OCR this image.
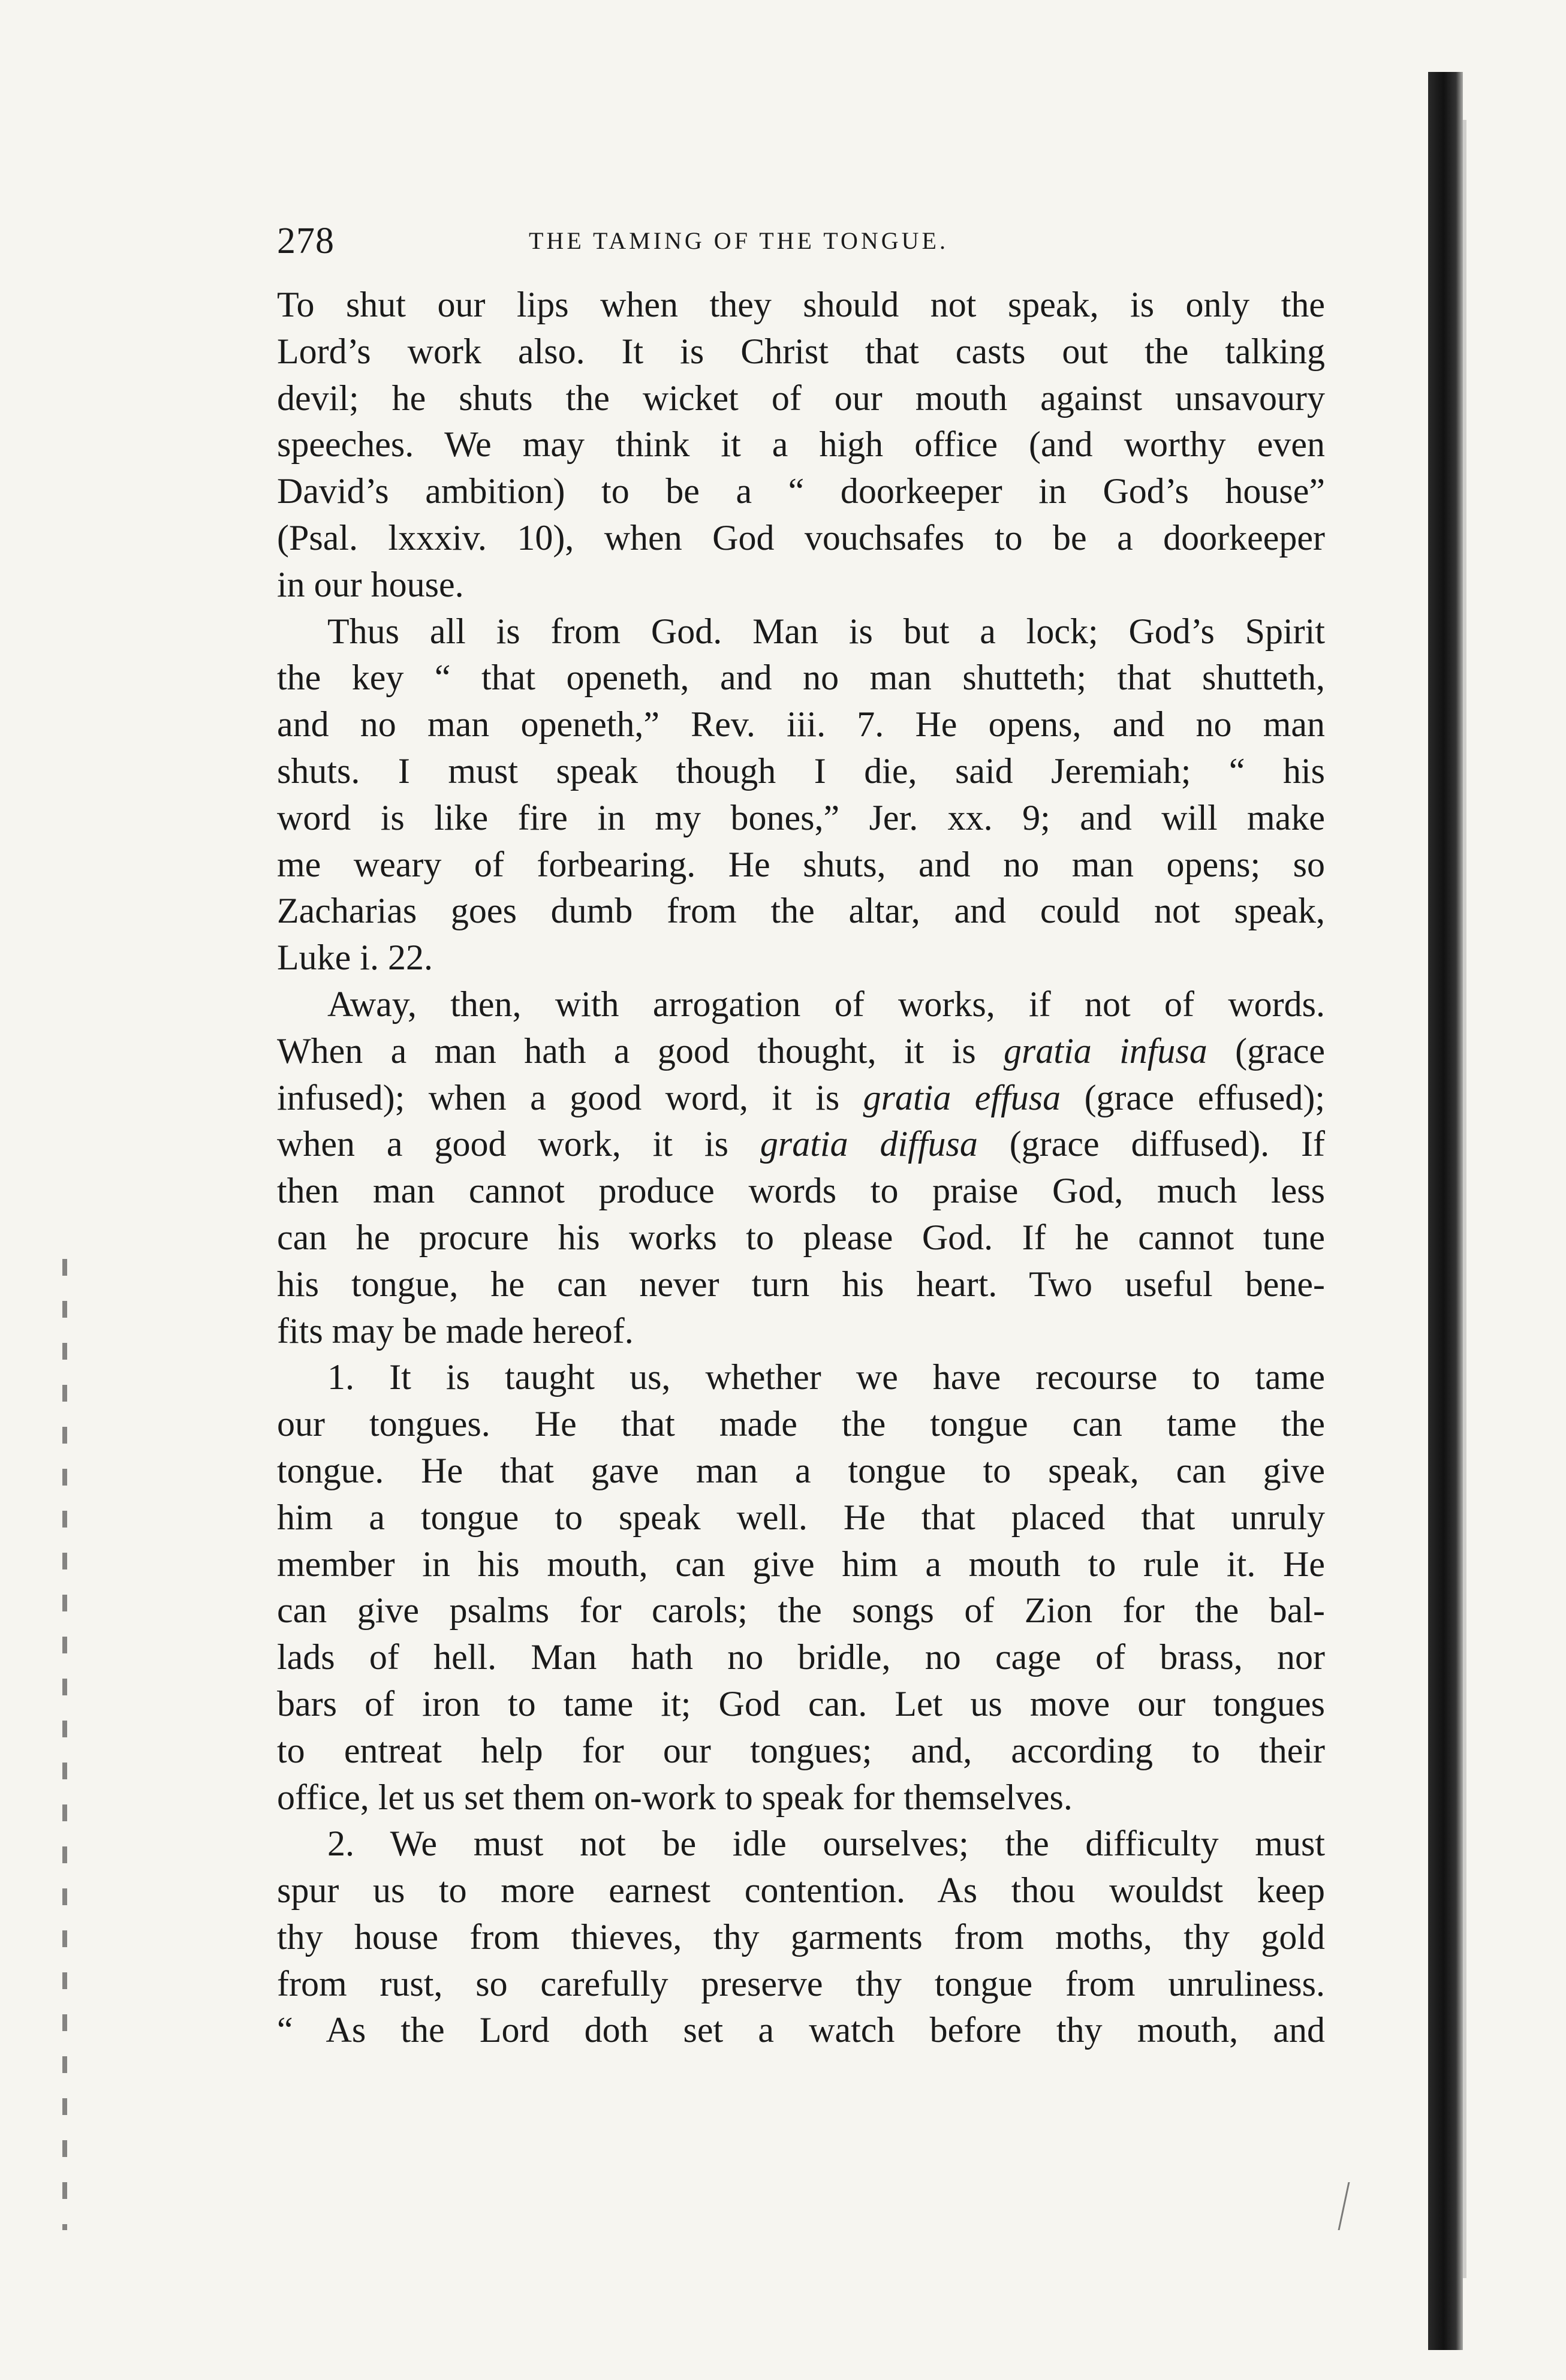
278	THE TAMING OF THE TONGUE.
To shut our lips when they should not speak, is only the
Lord’s work also. It is Christ that casts out the talking
devil; he shuts the wicket of our mouth against unsavoury
speeches. We may think it a high office (and worthy even
David’s ambition) to be a “ doorkeeper in God’s house”
(Psal. lxxxiv. 10), when God vouchsafes to be a doorkeeper
in our house.
Thus all is from God. Man is but a lock; God’s Spirit
the key “ that openeth, and no man shutteth; that shutteth,
and no man openeth,” Rev. iii. 7. He opens, and no man
shuts. I must speak though I die, said Jeremiah; “ his
word is like fire in my bones,” Jer. xx. 9; and will make
me weary of forbearing. He shuts, and no man opens; so
Zacharias goes dumb from the altar, and could not speak,
Luke i. 22.
Away, then, with arrogation of works, if not of words.
When a man hath a good thought, it is gratia infusa (grace
infused); when a good word, it is gratia effusa (grace effused);
when a good work, it is gratia diffusa (grace diffused). If
then man cannot produce words to praise God, much less
can he procure his works to please God. If he cannot tune
his tongue, he can never turn his heart. Two useful bene-
fits may be made hereof.
1. It is taught us, whether we have recourse to tame
our tongues. He that made the tongue can tame the
tongue. He that gave man a tongue to speak, can give
him a tongue to speak well. He that placed that unruly
member in his mouth, can give him a mouth to rule it. He
can give psalms for carols; the songs of Zion for the bal-
lads of hell. Man hath no bridle, no cage of brass, nor
bars of iron to tame it; God can. Let us move our tongues
to entreat help for our tongues; and, according to their
office, let us set them on-work to speak for themselves.
2. We must not be idle ourselves; the difficulty must
spur us to more earnest contention. As thou wouldst keep
thy house from thieves, thy garments from moths, thy gold
from rust, so carefully preserve thy tongue from unruliness.
“ As the Lord doth set a watch before thy mouth, and
